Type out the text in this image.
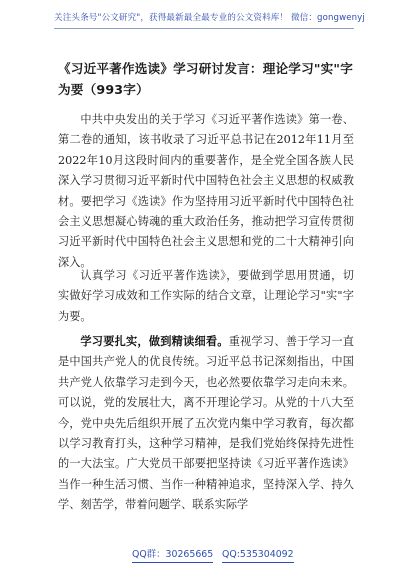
关注头条号"公文研究"，获得最新最全最专业的公文资料库！ 微信：gongwenyj
《习近平著作选读》学习研讨发言：理论学习"实"字为要（993字）

中共中央发出的关于学习《习近平著作选读》第一卷、第二卷的通知，该书收录了习近平总书记在2012年11月至2022年10月这段时间内的重要著作，是全党全国各族人民深入学习贯彻习近平新时代中国特色社会主义思想的权威教材。要把学习《选读》作为坚持用习近平新时代中国特色社会主义思想凝心铸魂的重大政治任务，推动把学习宣传贯彻习近平新时代中国特色社会主义思想和党的二十大精神引向深入。

认真学习《习近平著作选读》，要做到学思用贯通，切实做好学习成效和工作实际的结合文章，让理论学习"实"字为要。

学习要扎实，做到精读细看。重视学习、善于学习一直是中国共产党人的优良传统。习近平总书记深刻指出，中国共产党人依靠学习走到今天，也必然要依靠学习走向未来。可以说，党的发展壮大，离不开理论学习。从党的十八大至今，党中央先后组织开展了五次党内集中学习教育，每次都以学习教育打头，这种学习精神，是我们党始终保持先进性的一大法宝。广大党员干部要把坚持读《习近平著作选读》当作一种生活习惯、当作一种精神追求，坚持深入学、持久学、刻苦学，带着问题学、联系实际学

QQ群：30265665 QQ:535304092
